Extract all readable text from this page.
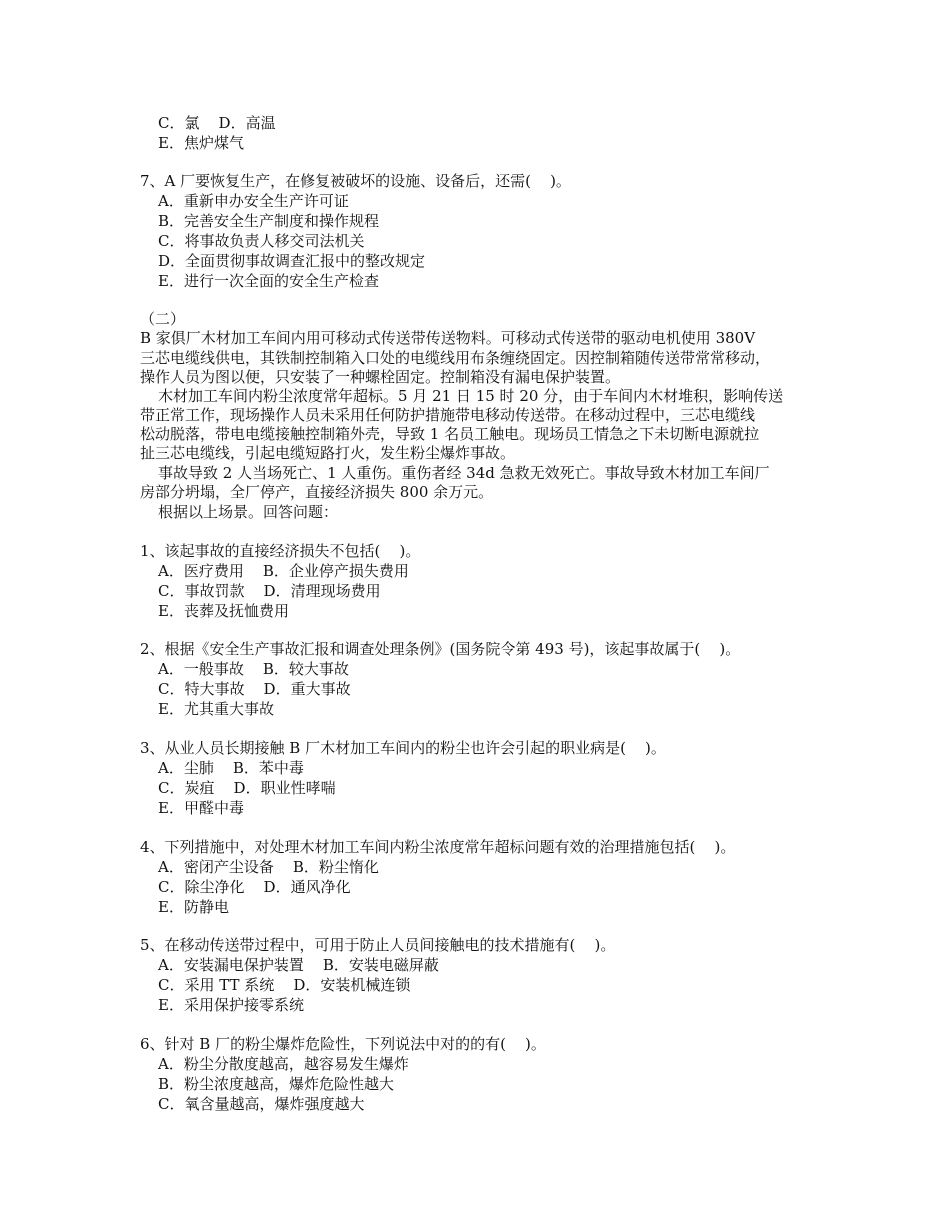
C．氯    D．高温
E．焦炉煤气
7、A 厂要恢复生产，在修复被破坏的设施、设备后，还需(    )。
A．重新申办安全生产许可证
B．完善安全生产制度和操作规程
C．将事故负责人移交司法机关
D．全面贯彻事故调查汇报中的整改规定
E．进行一次全面的安全生产检查
（二）
B 家俱厂木材加工车间内用可移动式传送带传送物料。可移动式传送带的驱动电机使用 380V
三芯电缆线供电，其铁制控制箱入口处的电缆线用布条缠绕固定。因控制箱随传送带常常移动，
操作人员为图以便，只安装了一种螺栓固定。控制箱没有漏电保护装置。
木材加工车间内粉尘浓度常年超标。5 月 21 日 15 时 20 分，由于车间内木材堆积，影响传送
带正常工作，现场操作人员未采用任何防护措施带电移动传送带。在移动过程中，三芯电缆线
松动脱落，带电电缆接触控制箱外壳，导致 1 名员工触电。现场员工情急之下未切断电源就拉
扯三芯电缆线，引起电缆短路打火，发生粉尘爆炸事故。
事故导致 2 人当场死亡、1 人重伤。重伤者经 34d 急救无效死亡。事故导致木材加工车间厂
房部分坍塌，全厂停产，直接经济损失 800 余万元。
根据以上场景。回答问题：
1、该起事故的直接经济损失不包括(    )。
A．医疗费用    B．企业停产损失费用
C．事故罚款    D．清理现场费用
E．丧葬及抚恤费用
2、根据《安全生产事故汇报和调查处理条例》(国务院令第 493 号)，该起事故属于(    )。
A．一般事故    B．较大事故
C．特大事故    D．重大事故
E．尤其重大事故
3、从业人员长期接触 B 厂木材加工车间内的粉尘也许会引起的职业病是(    )。
A．尘肺    B．苯中毒
C．炭疽    D．职业性哮喘
E．甲醛中毒
4、下列措施中，对处理木材加工车间内粉尘浓度常年超标问题有效的治理措施包括(    )。
A．密闭产尘设备    B．粉尘惰化
C．除尘净化    D．通风净化
E．防静电
5、在移动传送带过程中，可用于防止人员间接触电的技术措施有(    )。
A．安装漏电保护装置    B．安装电磁屏蔽
C．采用 TT 系统    D．安装机械连锁
E．采用保护接零系统
6、针对 B 厂的粉尘爆炸危险性，下列说法中对的的有(    )。
A．粉尘分散度越高，越容易发生爆炸
B．粉尘浓度越高，爆炸危险性越大
C．氧含量越高，爆炸强度越大
